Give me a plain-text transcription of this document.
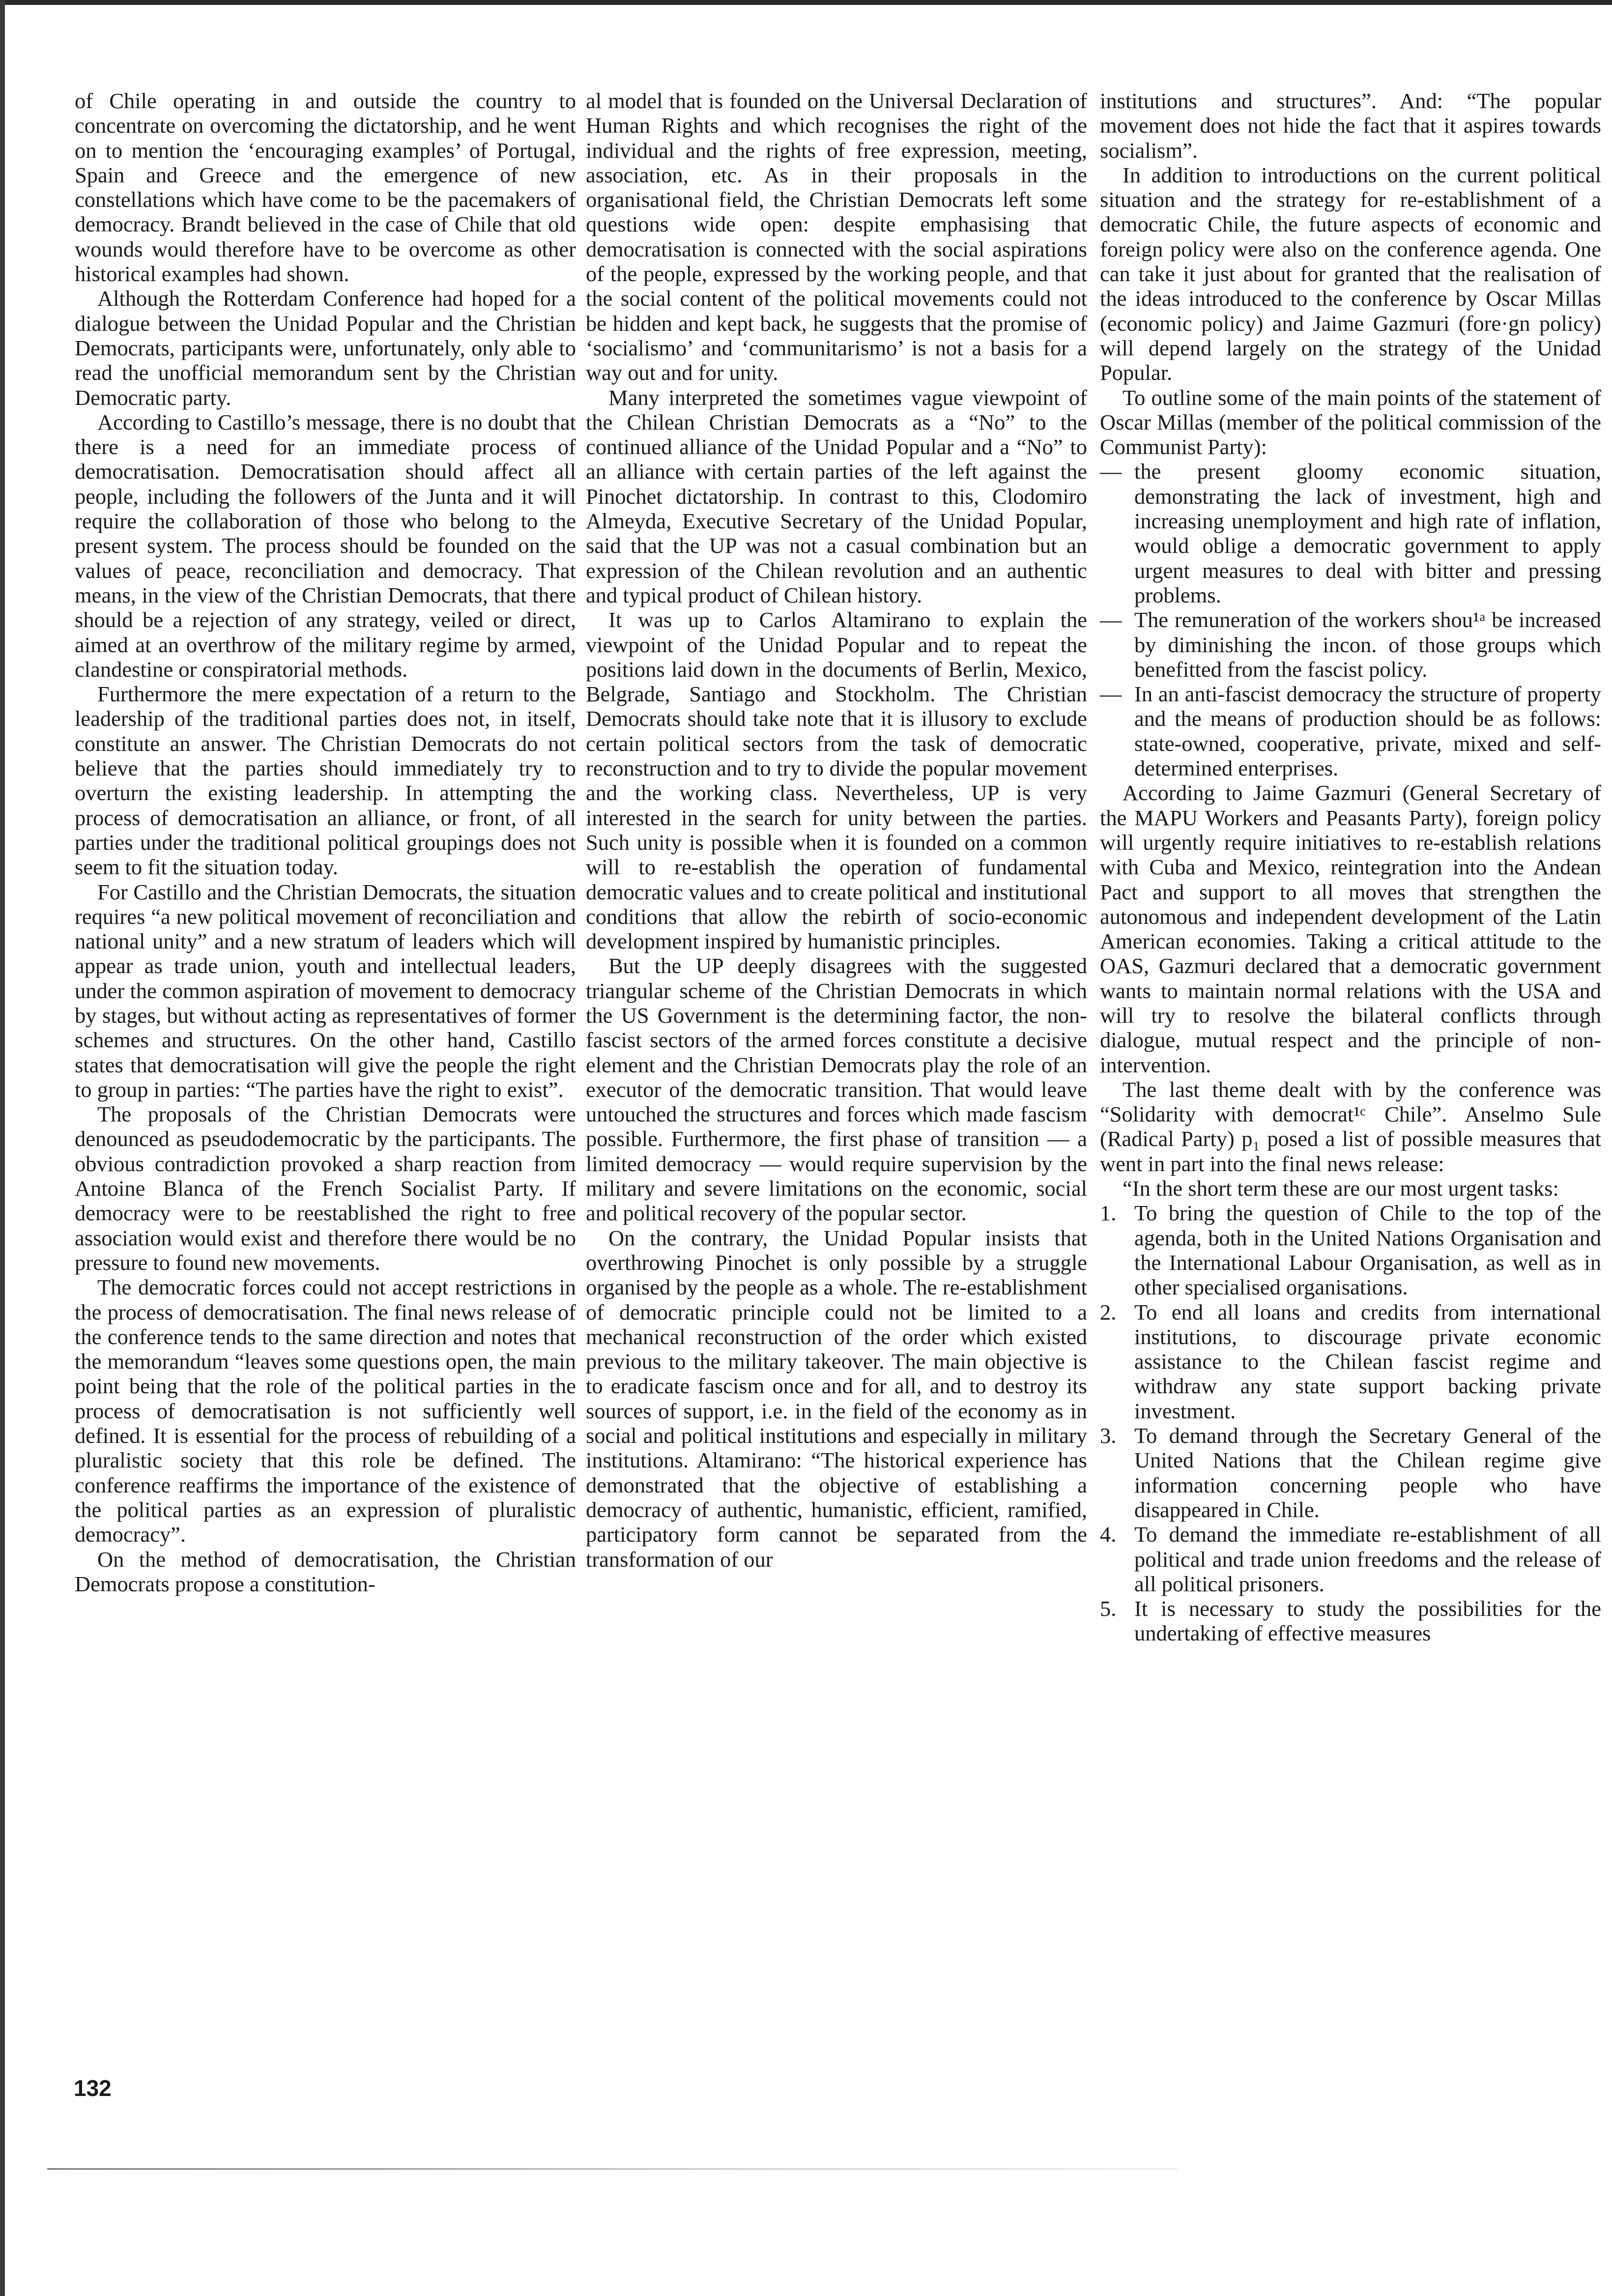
of Chile operating in and outside the country to concentrate on overcoming the dictatorship, and he went on to mention the ‘encouraging examples’ of Portugal, Spain and Greece and the emergence of new constellations which have come to be the pacemakers of democracy. Brandt believed in the case of Chile that old wounds would therefore have to be overcome as other historical examples had shown.

Although the Rotterdam Conference had hoped for a dialogue between the Unidad Popular and the Christian Democrats, participants were, unfortunately, only able to read the unofficial memorandum sent by the Christian Democratic party.

According to Castillo’s message, there is no doubt that there is a need for an immediate process of democratisation. Democratisation should affect all people, including the followers of the Junta and it will require the collaboration of those who belong to the present system. The process should be founded on the values of peace, reconciliation and democracy. That means, in the view of the Christian Democrats, that there should be a rejection of any strategy, veiled or direct, aimed at an overthrow of the military regime by armed, clandestine or conspiratorial methods.

Furthermore the mere expectation of a return to the leadership of the traditional parties does not, in itself, constitute an answer. The Christian Democrats do not believe that the parties should immediately try to overturn the existing leadership. In attempting the process of democratisation an alliance, or front, of all parties under the traditional political groupings does not seem to fit the situation today.

For Castillo and the Christian Democrats, the situation requires “a new political movement of reconciliation and national unity” and a new stratum of leaders which will appear as trade union, youth and intellectual leaders, under the common aspiration of movement to democracy by stages, but without acting as representatives of former schemes and structures. On the other hand, Castillo states that democratisation will give the people the right to group in parties: “The parties have the right to exist”.

The proposals of the Christian Democrats were denounced as pseudodemocratic by the participants. The obvious contradiction provoked a sharp reaction from Antoine Blanca of the French Socialist Party. If democracy were to be reestablished the right to free association would exist and therefore there would be no pressure to found new movements.

The democratic forces could not accept restrictions in the process of democratisation. The final news release of the conference tends to the same direction and notes that the memorandum “leaves some questions open, the main point being that the role of the political parties in the process of democratisation is not sufficiently well defined. It is essential for the process of rebuilding of a pluralistic society that this role be defined. The conference reaffirms the importance of the existence of the political parties as an expression of pluralistic democracy”.

On the method of democratisation, the Christian Democrats propose a constitution-

al model that is founded on the Universal Declaration of Human Rights and which recognises the right of the individual and the rights of free expression, meeting, association, etc. As in their proposals in the organisational field, the Christian Democrats left some questions wide open: despite emphasising that democratisation is connected with the social aspirations of the people, expressed by the working people, and that the social content of the political movements could not be hidden and kept back, he suggests that the promise of ‘socialismo’ and ‘communitarismo’ is not a basis for a way out and for unity.

Many interpreted the sometimes vague viewpoint of the Chilean Christian Democrats as a “No” to the continued alliance of the Unidad Popular and a “No” to an alliance with certain parties of the left against the Pinochet dictatorship. In contrast to this, Clodomiro Almeyda, Executive Secretary of the Unidad Popular, said that the UP was not a casual combination but an expression of the Chilean revolution and an authentic and typical product of Chilean history.

It was up to Carlos Altamirano to explain the viewpoint of the Unidad Popular and to repeat the positions laid down in the documents of Berlin, Mexico, Belgrade, Santiago and Stockholm. The Christian Democrats should take note that it is illusory to exclude certain political sectors from the task of democratic reconstruction and to try to divide the popular movement and the working class. Nevertheless, UP is very interested in the search for unity between the parties. Such unity is possible when it is founded on a common will to re-establish the operation of fundamental democratic values and to create political and institutional conditions that allow the rebirth of socio-economic development inspired by humanistic principles.

But the UP deeply disagrees with the suggested triangular scheme of the Christian Democrats in which the US Government is the determining factor, the non-fascist sectors of the armed forces constitute a decisive element and the Christian Democrats play the role of an executor of the democratic transition. That would leave untouched the structures and forces which made fascism possible. Furthermore, the first phase of transition — a limited democracy — would require supervision by the military and severe limitations on the economic, social and political recovery of the popular sector.

On the contrary, the Unidad Popular insists that overthrowing Pinochet is only possible by a struggle organised by the people as a whole. The re-establishment of democratic principle could not be limited to a mechanical reconstruction of the order which existed previous to the military takeover. The main objective is to eradicate fascism once and for all, and to destroy its sources of support, i.e. in the field of the economy as in social and political institutions and especially in military institutions. Altamirano: “The historical experience has demonstrated that the objective of establishing a democracy of authentic, humanistic, efficient, ramified, participatory form cannot be separated from the transformation of our

institutions and structures”. And: “The popular movement does not hide the fact that it aspires towards socialism”.

In addition to introductions on the current political situation and the strategy for re-establishment of a democratic Chile, the future aspects of economic and foreign policy were also on the conference agenda. One can take it just about for granted that the realisation of the ideas introduced to the conference by Oscar Millas (economic policy) and Jaime Gazmuri (fore·gn policy) will depend largely on the strategy of the Unidad Popular.

To outline some of the main points of the statement of Oscar Millas (member of the political commission of the Communist Party):

— the present gloomy economic situation, demonstrating the lack of investment, high and increasing unemployment and high rate of inflation, would oblige a democratic government to apply urgent measures to deal with bitter and pressing problems.
— The remuneration of the workers shou¹ᵃ be increased by diminishing the incon. of those groups which benefitted from the fascist policy.
— In an anti-fascist democracy the structure of property and the means of production should be as follows: state-owned, cooperative, private, mixed and self-determined enterprises.

According to Jaime Gazmuri (General Secretary of the MAPU Workers and Peasants Party), foreign policy will urgently require initiatives to re-establish relations with Cuba and Mexico, reintegration into the Andean Pact and support to all moves that strengthen the autonomous and independent development of the Latin American economies. Taking a critical attitude to the OAS, Gazmuri declared that a democratic government wants to maintain normal relations with the USA and will try to resolve the bilateral conflicts through dialogue, mutual respect and the principle of non-intervention.

The last theme dealt with by the conference was “Solidarity with democrat¹ᶜ Chile”. Anselmo Sule (Radical Party) p₁ posed a list of possible measures that went in part into the final news release:

“In the short term these are our most urgent tasks:

1. To bring the question of Chile to the top of the agenda, both in the United Nations Organisation and the International Labour Organisation, as well as in other specialised organisations.
2. To end all loans and credits from international institutions, to discourage private economic assistance to the Chilean fascist regime and withdraw any state support backing private investment.
3. To demand through the Secretary General of the United Nations that the Chilean regime give information concerning people who have disappeared in Chile.
4. To demand the immediate re-establishment of all political and trade union freedoms and the release of all political prisoners.
5. It is necessary to study the possibilities for the undertaking of effective measures
132
